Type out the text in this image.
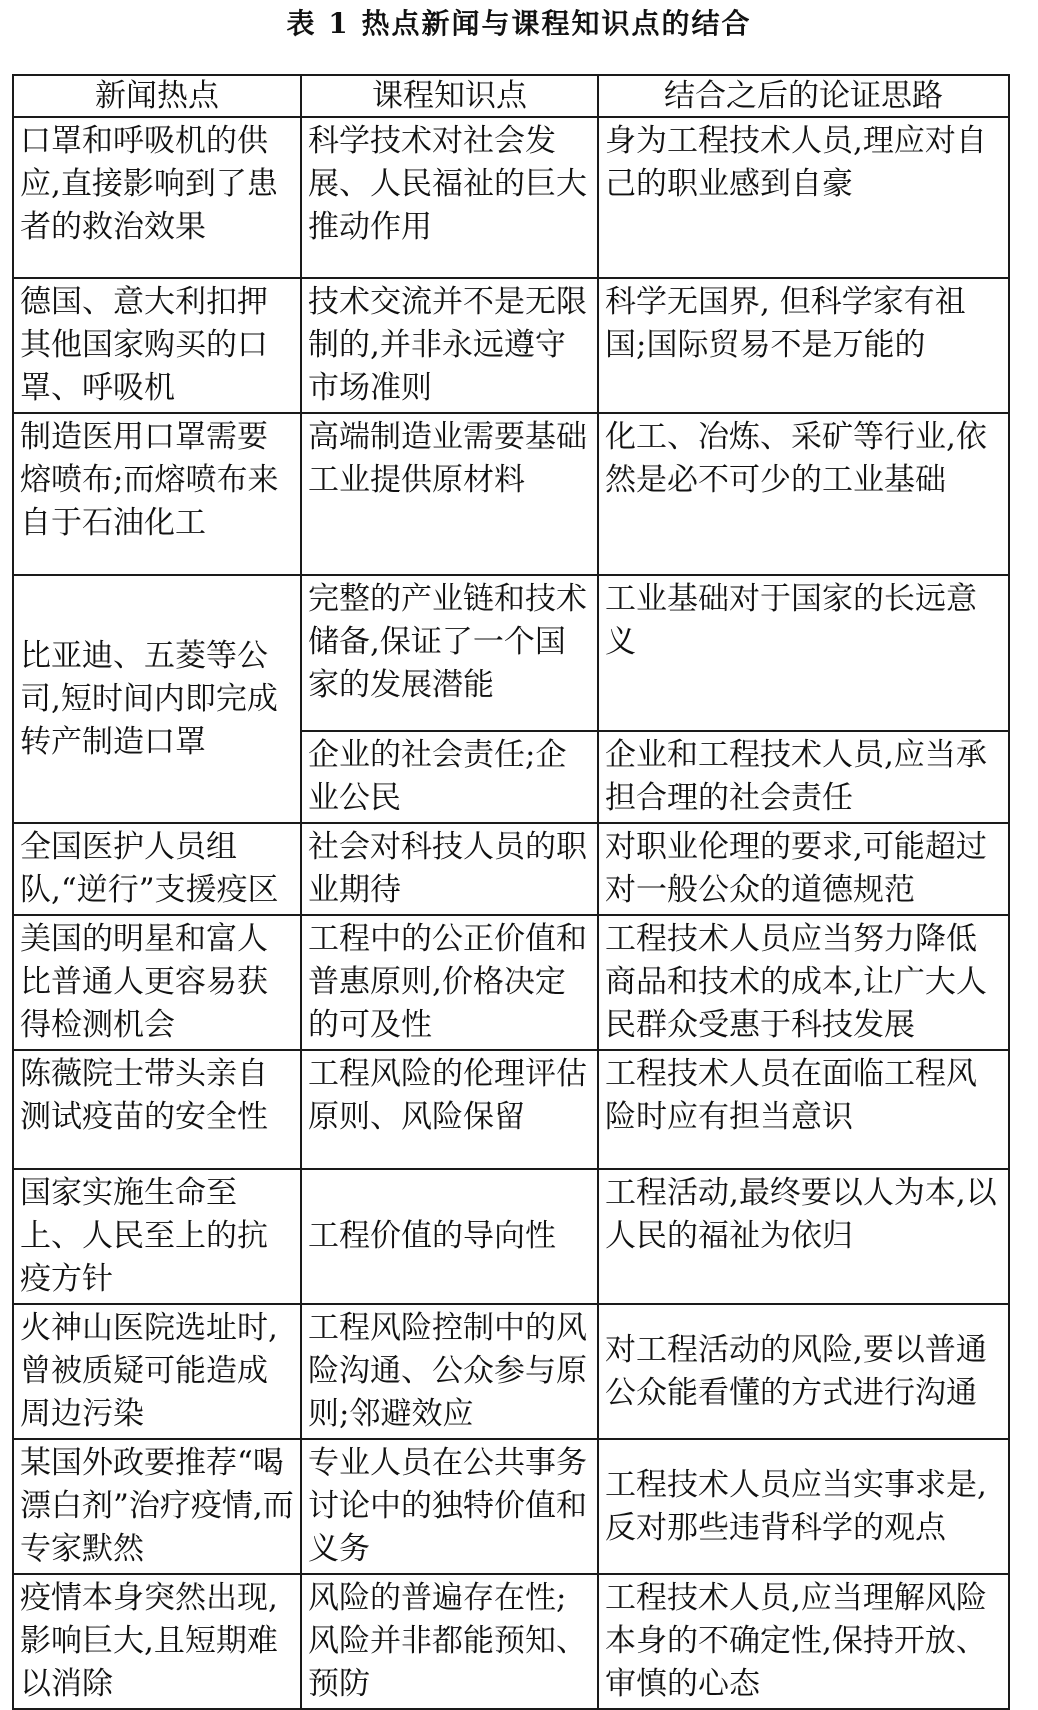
表 1 热点新闻与课程知识点的结合
新闻热点	课程知识点	结合之后的论证思路
口罩和呼吸机的供应,直接影响到了患者的救治效果	科学技术对社会发展、人民福祉的巨大推动作用	身为工程技术人员,理应对自己的职业感到自豪
德国、意大利扣押其他国家购买的口罩、呼吸机	技术交流并不是无限制的,并非永远遵守市场准则	科学无国界, 但科学家有祖国;国际贸易不是万能的
制造医用口罩需要熔喷布;而熔喷布来自于石油化工	高端制造业需要基础工业提供原材料	化工、冶炼、采矿等行业,依然是必不可少的工业基础
比亚迪、五菱等公司,短时间内即完成转产制造口罩	完整的产业链和技术储备,保证了一个国家的发展潜能	工业基础对于国家的长远意义
	企业的社会责任;企业公民	企业和工程技术人员,应当承担合理的社会责任
全国医护人员组队,“逆行”支援疫区	社会对科技人员的职业期待	对职业伦理的要求,可能超过对一般公众的道德规范
美国的明星和富人比普通人更容易获得检测机会	工程中的公正价值和普惠原则,价格决定的可及性	工程技术人员应当努力降低商品和技术的成本,让广大人民群众受惠于科技发展
陈薇院士带头亲自测试疫苗的安全性	工程风险的伦理评估原则、风险保留	工程技术人员在面临工程风险时应有担当意识
国家实施生命至上、人民至上的抗疫方针	工程价值的导向性	工程活动,最终要以人为本,以人民的福祉为依归
火神山医院选址时,曾被质疑可能造成周边污染	工程风险控制中的风险沟通、公众参与原则;邻避效应	对工程活动的风险,要以普通公众能看懂的方式进行沟通
某国外政要推荐“喝漂白剂”治疗疫情,而专家默然	专业人员在公共事务讨论中的独特价值和义务	工程技术人员应当实事求是,反对那些违背科学的观点
疫情本身突然出现,影响巨大,且短期难以消除	风险的普遍存在性;风险并非都能预知、预防	工程技术人员,应当理解风险本身的不确定性,保持开放、审慎的心态
